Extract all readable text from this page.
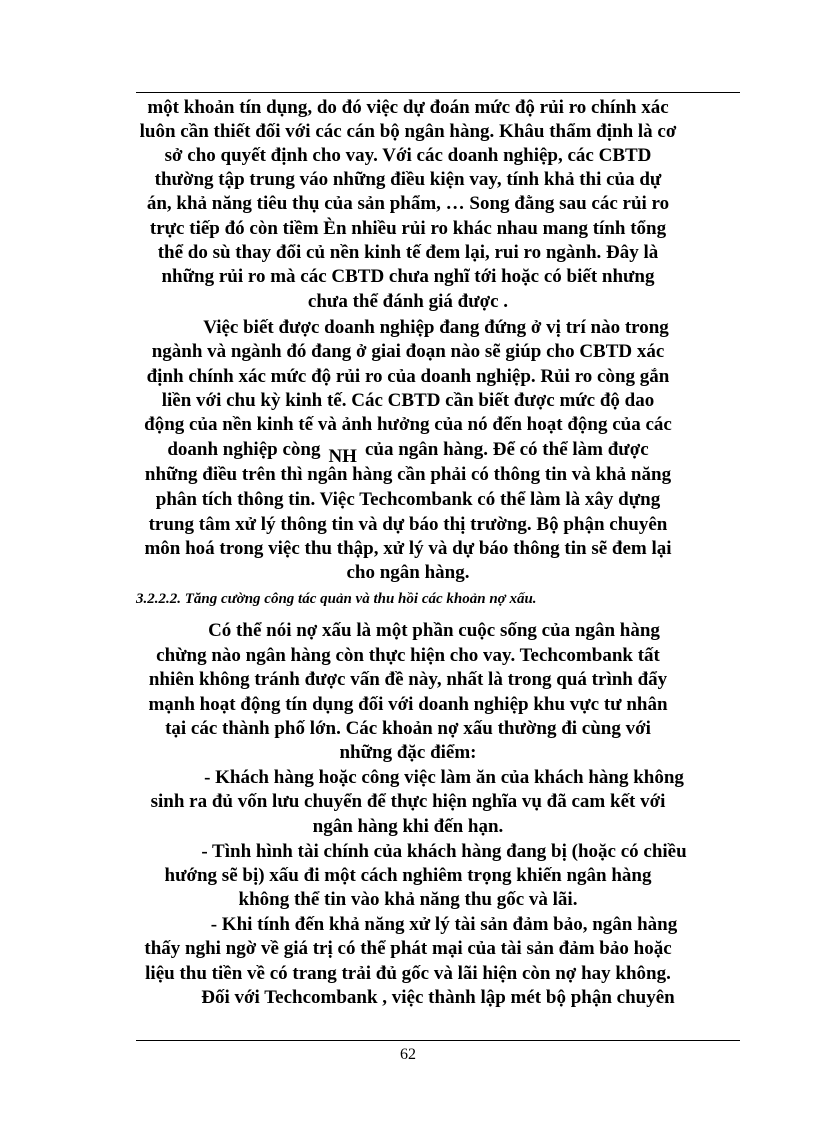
một khoản tín dụng, do đó việc dự đoán mức độ rủi ro chính xác
luôn cần thiết đối với các cán bộ ngân hàng. Khâu thẩm định là cơ
sở cho quyết định cho vay. Với các doanh nghiệp, các CBTD
thường tập trung váo những điều kiện vay, tính khả thi của dự
án, khả năng tiêu thụ của sản phẩm, … Song đằng sau các rủi ro
trực tiếp đó còn tiềm Èn nhiều rủi ro khác nhau mang tính tổng
thể do sù thay đổi củ nền kinh tế đem lại, rui ro ngành. Đây là
những rủi ro mà các CBTD chưa nghĩ tới hoặc có biết nhưng
chưa thể đánh giá được .
Việc biết được doanh nghiệp đang đứng ở vị trí nào trong
ngành và ngành đó đang ở giai đoạn nào sẽ giúp cho CBTD xác
định chính xác mức độ rủi ro của doanh nghiệp. Rủi ro còng gắn
liền với chu kỳ kinh tế. Các CBTD cần biết được mức độ dao
động của nền kinh tế và ảnh hưởng của nó đến hoạt động của các
doanh nghiệp còng NH của ngân hàng. Để có thể làm được
những điều trên thì ngân hàng cần phải có thông tin và khả năng
phân tích thông tin. Việc Techcombank có thể làm là xây dựng
trung tâm xử lý thông tin và dự báo thị trường. Bộ phận chuyên
môn hoá trong việc thu thập, xử lý và dự báo thông tin sẽ đem lại
cho ngân hàng.
3.2.2.2. Tăng cường công tác quản và thu hồi các khoản nợ xấu.
Có thể nói nợ xấu là một phần cuộc sống của ngân hàng
chừng nào ngân hàng còn thực hiện cho vay. Techcombank tất
nhiên không tránh được vấn đề này, nhất là trong quá trình đẩy
mạnh hoạt động tín dụng đối với doanh nghiệp khu vực tư nhân
tại các thành phố lớn. Các khoản nợ xấu thường đi cùng với
những đặc điểm:
- Khách hàng hoặc công việc làm ăn của khách hàng không
sinh ra đủ vốn lưu chuyển để thực hiện nghĩa vụ đã cam kết với
ngân hàng khi đến hạn.
- Tình hình tài chính của khách hàng đang bị (hoặc có chiều
hướng sẽ bị) xấu đi một cách nghiêm trọng khiến ngân hàng
không thể tin vào khả năng thu gốc và lãi.
- Khi tính đến khả năng xử lý tài sản đảm bảo, ngân hàng
thấy nghi ngờ về giá trị có thể phát mại của tài sản đảm bảo hoặc
liệu thu tiền về có trang trải đủ gốc và lãi hiện còn nợ hay không.
Đối với Techcombank , việc thành lập mét bộ phận chuyên
62
